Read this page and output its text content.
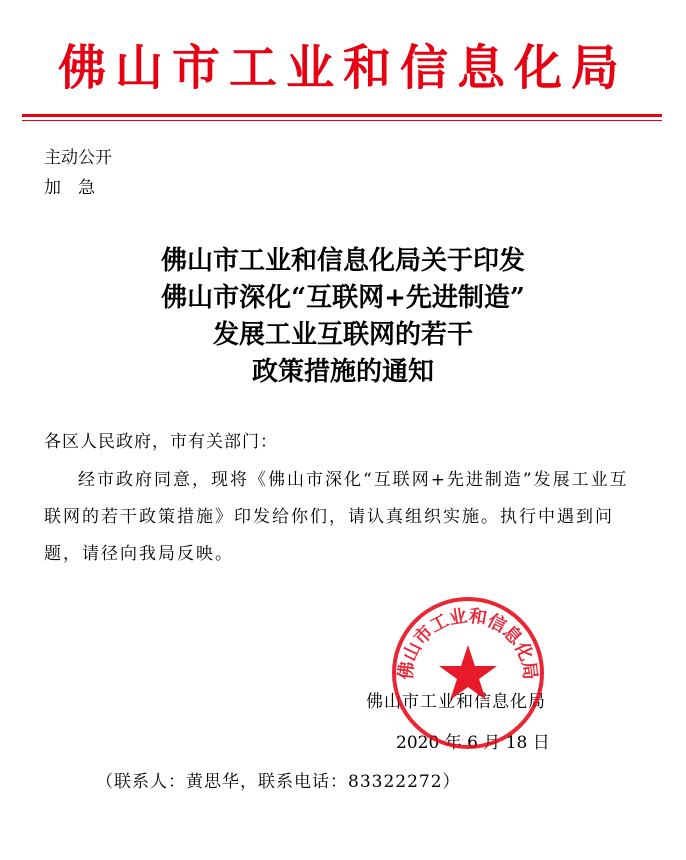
佛山市工业和信息化局
主动公开
加　急
佛山市工业和信息化局关于印发
佛山市深化“互联网+先进制造”
发展工业互联网的若干
政策措施的通知
各区人民政府，市有关部门：
经市政府同意，现将《佛山市深化“互联网+先进制造”发展工业互联网的若干政策措施》印发给你们，请认真组织实施。执行中遇到问题，请径向我局反映。
佛山市工业和信息化局
2020 年 6 月 18 日
佛山市工业和信息化局
（联系人：黄思华，联系电话：83322272）
